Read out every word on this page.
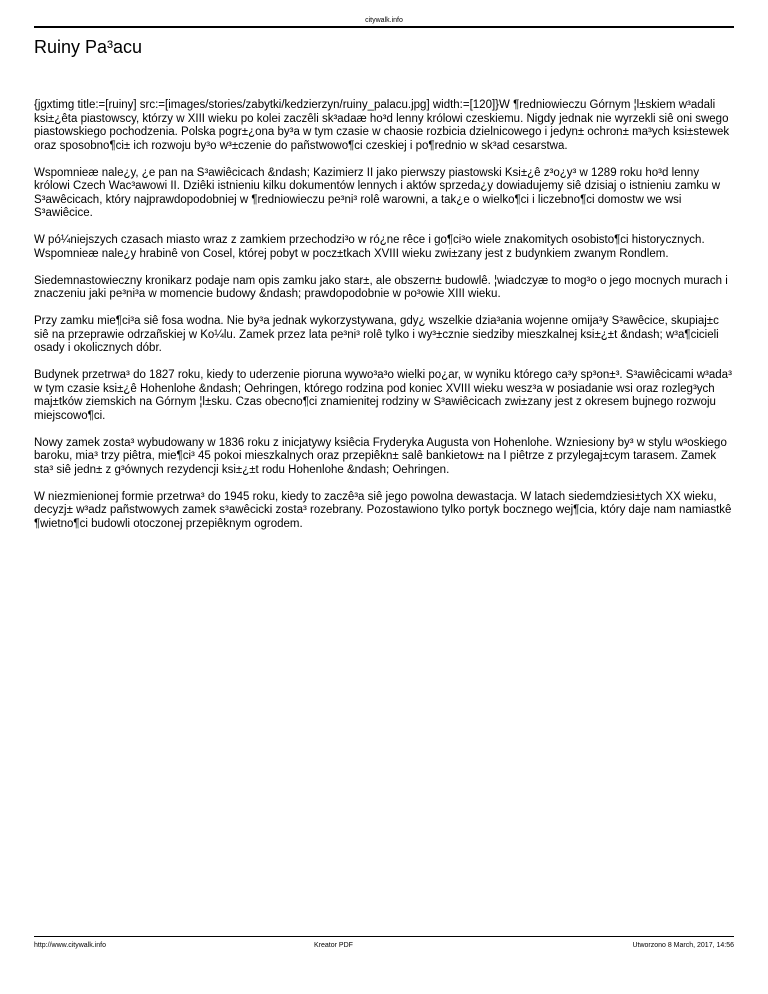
citywalk.info
Ruiny Pa³acu

{jgxtimg title:=[ruiny] src:=[images/stories/zabytki/kedzierzyn/ruiny_palacu.jpg] width:=[120]}W ¶redniowieczu Górnym ¦l±skiem w³adali ksi±¿êta piastowscy, którzy w XIII wieku po kolei zaczêli sk³adaæ ho³d lenny królowi czeskiemu. Nigdy jednak nie wyrzekli siê oni swego piastowskiego pochodzenia. Polska pogr±¿ona by³a w tym czasie w chaosie rozbicia dzielnicowego i jedyn± ochron± ma³ych ksi±stewek oraz sposobno¶ci± ich rozwoju by³o w³±czenie do pañstwowo¶ci czeskiej i po¶rednio w sk³ad cesarstwa.

Wspomnieæ nale¿y, ¿e pan na S³awiêcicach &ndash; Kazimierz II jako pierwszy piastowski Ksi±¿ê z³o¿y³ w 1289 roku ho³d lenny królowi Czech Wac³awowi II. Dziêki istnieniu kilku dokumentów lennych i aktów sprzeda¿y dowiadujemy siê dzisiaj o istnieniu zamku w S³awêcicach, który najprawdopodobniej w ¶redniowieczu pe³ni³ rolê warowni, a tak¿e o wielko¶ci i liczebno¶ci domostw we wsi S³awiêcice.

W pó¼niejszych czasach miasto wraz z zamkiem przechodzi³o w ró¿ne rêce i go¶ci³o wiele znakomitych osobisto¶ci historycznych. Wspomnieæ nale¿y hrabinê von Cosel, której pobyt w pocz±tkach XVIII wieku zwi±zany jest z budynkiem zwanym Rondlem.

Siedemnastowieczny kronikarz podaje nam opis zamku jako star±, ale obszern± budowlê. ¦wiadczyæ to mog³o o jego mocnych murach i znaczeniu jaki pe³ni³a w momencie budowy &ndash; prawdopodobnie w po³owie XIII wieku.

Przy zamku mie¶ci³a siê fosa wodna. Nie by³a jednak wykorzystywana, gdy¿ wszelkie dzia³ania wojenne omija³y S³awêcice, skupiaj±c siê na przeprawie odrzañskiej w Ko¼lu. Zamek przez lata pe³ni³ rolê tylko i wy³±cznie siedziby mieszkalnej ksi±¿±t &ndash; w³a¶cicieli osady i okolicznych dóbr.

Budynek przetrwa³ do 1827 roku, kiedy to uderzenie pioruna wywo³a³o wielki po¿ar, w wyniku którego ca³y sp³on±³. S³awiêcicami w³ada³ w tym czasie ksi±¿ê Hohenlohe &ndash; Oehringen, którego rodzina pod koniec XVIII wieku wesz³a w posiadanie wsi oraz rozleg³ych maj±tków ziemskich na Górnym ¦l±sku. Czas obecno¶ci znamienitej rodziny w S³awiêcicach zwi±zany jest z okresem bujnego rozwoju miejscowo¶ci.

Nowy zamek zosta³ wybudowany w 1836 roku z inicjatywy ksiêcia Fryderyka Augusta von Hohenlohe. Wzniesiony by³ w stylu w³oskiego baroku, mia³ trzy piêtra, mie¶ci³ 45 pokoi mieszkalnych oraz przepiêkn± salê bankietow± na I piêtrze z przylegaj±cym tarasem. Zamek sta³ siê jedn± z g³ównych rezydencji ksi±¿±t rodu Hohenlohe &ndash; Oehringen.

W niezmienionej formie przetrwa³ do 1945 roku, kiedy to zaczê³a siê jego powolna dewastacja. W latach siedemdziesi±tych XX wieku, decyzj± w³adz pañstwowych zamek s³awêcicki zosta³ rozebrany. Pozostawiono tylko portyk bocznego wej¶cia, który daje nam namiastkê ¶wietno¶ci budowli otoczonej przepiêknym ogrodem.

http://www.citywalk.info	Kreator PDF	Utworzono 8 March, 2017, 14:56
